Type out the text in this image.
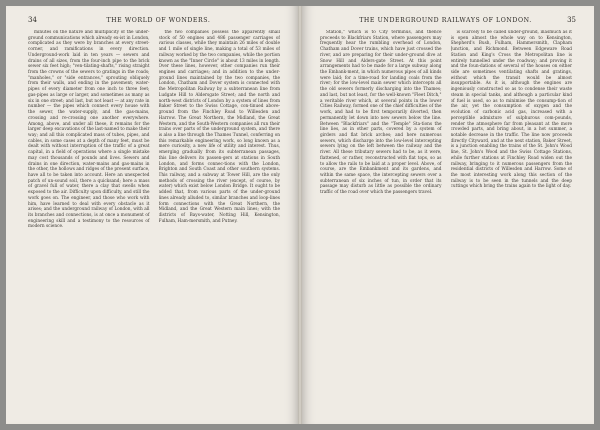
34	THE WORLD OF WONDERS.

minutes on the nature and multiplicity of the under-ground communications which already ex-ist in London, complicated as they were by branches at every street-corner, and ramifications in every direction. Underground-work laid in ten years — sewers and drains of all sizes, from the four-inch pipe to the brick sewer six feet high; "ven-tilating-shafts," rising straight from the crowns of the sewers to gratings in the roads; "manholes," or "side entrances," sprouting obliquely from their walls, and ending in the pavement; water-pipes of every diameter from one inch to three feet; gas-pipes as large or larger, and sometimes as many as six in one street; and last, but not least — at any rate in number — the pipes which connect every house with the sewer, the water-supply, and the gas-mains, crossing and re-crossing one another everywhere. Among, above, and under all these, it remains for the larger deep excavations of the last-named to make their way; and all this complicated mass of tubes, pipes, and cables, in some cases at a depth of many feet, must be dealt with without interruption of the traffic of a great capital, in a field of operations where a single mistake may cost thousands of pounds and lives. Sewers and drains in one direction, water-mains and gas-mains in the other, the hollows and ridges of the present surface, have all to be taken into account. Here an unexpected patch of un-sound soil, there a quicksand; here a mass of gravel full of water, there a clay that swells when exposed to the air. Difficulty upon difficulty, and still the work goes on. The engineer, and those who work with him, have learned to deal with every obstacle as it arises; and the underground railway of London, with all its branches and connections, is at once a monument of engineering skill and a testimony to the resources of modern science.

the two companies possess the apparently small stock of 50 engines and 486 passenger carriages of various classes, while they maintain 26 miles of double and 1 mile of single line, making a total of 53 miles of railway worked by the two companies, while the portion known as the "Inner Circle" is about 13 miles in length. Over these lines, however, other companies run their engines and carriages; and in addition to the under-ground lines maintained by the two companies, the London, Chatham and Dover system is connected with the Metropolitan Railway by a subterranean line from Ludgate Hill to Aldersgate Street; and the north and north-west districts of London by a system of lines from Baker Street to the Swiss Cottage, con-tinued above-ground from the Finchley Road to Willesden and Harrow. The Great Northern, the Midland, the Great Western, and the South-Western companies all run their trains over parts of the underground system, and there is also a line through the Thames Tunnel, conferring on this remarkable engineering work, so long known as a mere curiosity, a new life of utility and interest. Thus, emerging gradually from its subterranean passages, this line delivers its passen-gers at stations in South London, and forms connec-tions with the London, Brighton and South Coast and other southern systems. This railway, and a subway at Tower Hill, are the only methods of crossing the river (except, of course, by water) which exist below London Bridge. It ought to be added that, from various parts of the under-ground lines already alluded to, similar branches and loop-lines form connections with the Great Northern, the Midland, and the Great Western main lines; with the districts of Bays-water, Notting Hill, Kensington, Fulham, Ham-mersmith, and Putney.

THE UNDERGROUND RAILWAYS OF LONDON.	35

Station," which is to City terminus, and thence proceeds to Blackfriars Station, where passengers may frequently hear the rumbling overhead of London, Chatham and Dover trains, which have just crossed the river, and are preparing for their under-ground dive at Snow Hill and Alders-gate Street. At this point arrangements had to be made for a large subway along the Embank-ment, in which numerous pipes of all kinds were laid; for a time-road for landing coals from the river; for the low-level main sewer which intercepts all the old sewers formerly discharging into the Thames; and last, but not least, for the well-known "Fleet Ditch," a veritable river which, at several points in the lower Cities Railway, formed one of the chief difficulties of the work, and had to be first temporarily diverted, then permanently let down into new sewers below the line. Between "Blackfriars" and the "Temple" Sta-tions the line lies, as in other parts, covered by a system of girders and flat brick arches; and here numerous sewers, which discharge into the low-level intercepting sewers lying on the left between the railway and the river. All these tributary sewers had to be, as it were, flattened, or rather, reconstructed with flat tops, so as to allow the rails to be laid at a proper level. Above, of course, are the Embankment and its gardens, and within the same space, the intercepting sewers over a subterranean of six inches of tun, in order that its passage may disturb as little as possible the ordinary traffic of the road over which the passengers travel.

is scarcely to be called under-ground, inasmuch as it is open almost the whole way on to Kensington, Shepherd's Bush, Fulham, Hammersmith, Clapham Junction, and Richmond. Between Edgeware Road Station and King's Cross the Metropolitan line is entirely tunnelled under the roadway; and proving it and the foun-dations of several of the houses on either side are sometimes ventilating shafts and gratings, without which the transit would be almost insupportable. As it is, although the engines are ingeniously constructed so as to condense their waste steam in special tanks, and although a particular kind of fuel is used, so as to minimise the consump-tion of the air, yet the consumption of oxygen and the evolution of carbonic acid gas, increased with a perceptible admixture of sulphurous com-pounds, render the atmosphere far from pleasant at the more crowded parts, and bring about, in a hot summer, a notable decrease in the traffic. The line now proceeds directly Cityward, and at the next station, Baker Street, is a junction enabling the trains of the St. John's Wood line, St. John's Wood and the Swiss Cottage Stations, while further stations at Finchley Road widen out the railway, bringing to it numerous passengers from the residential districts of Willesden and Harrow. Some of the most interesting work along this section of the railway is to be seen in the tunnels and the deep cuttings which bring the trains again to the light of day.
